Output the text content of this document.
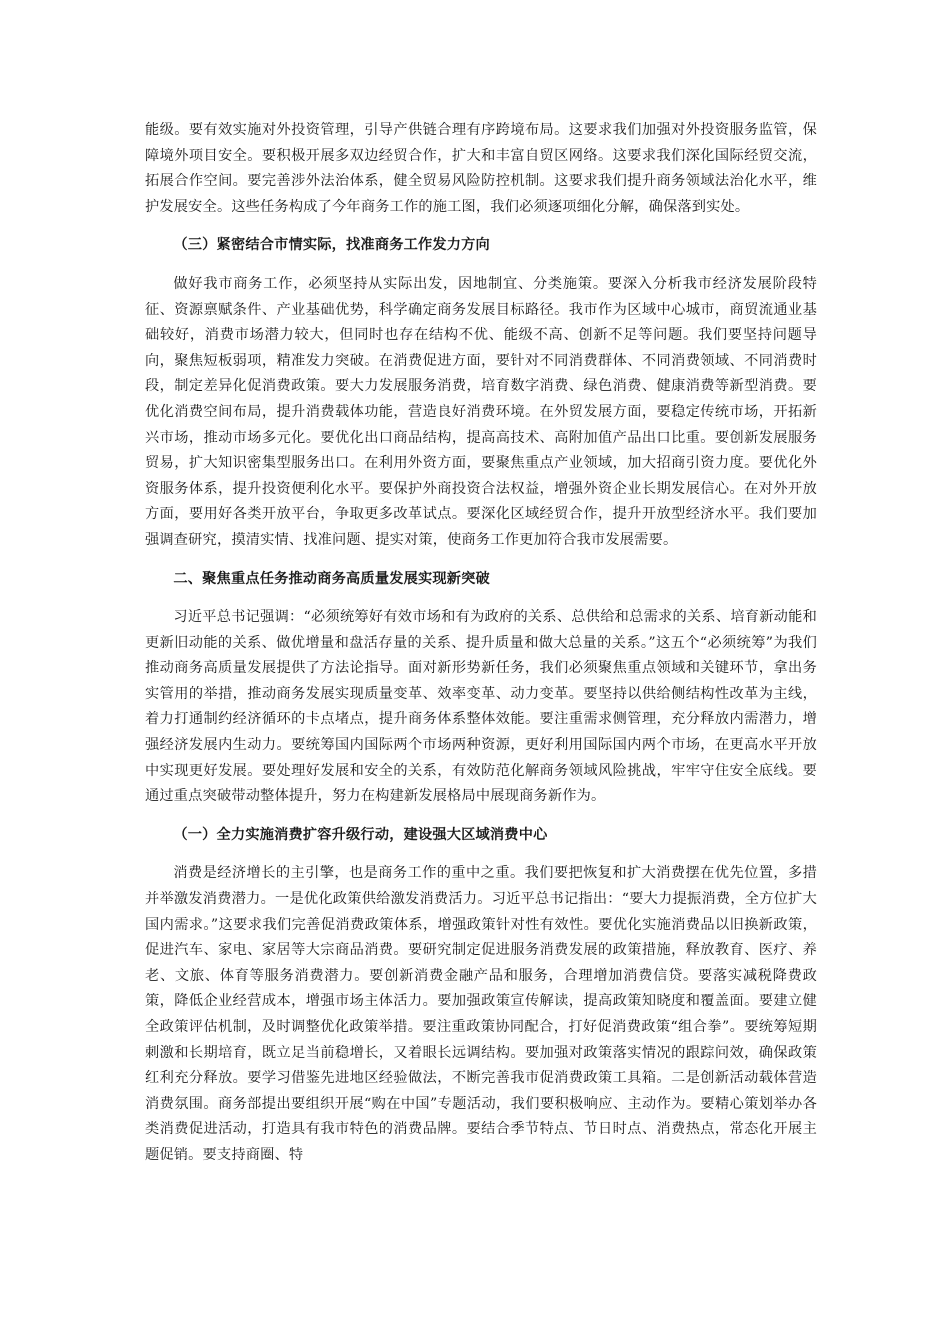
能级。要有效实施对外投资管理，引导产供链合理有序跨境布局。这要求我们加强对外投资服务监管，保障境外项目安全。要积极开展多双边经贸合作，扩大和丰富自贸区网络。这要求我们深化国际经贸交流，拓展合作空间。要完善涉外法治体系，健全贸易风险防控机制。这要求我们提升商务领域法治化水平，维护发展安全。这些任务构成了今年商务工作的施工图，我们必须逐项细化分解，确保落到实处。

（三）紧密结合市情实际，找准商务工作发力方向

做好我市商务工作，必须坚持从实际出发，因地制宜、分类施策。要深入分析我市经济发展阶段特征、资源禀赋条件、产业基础优势，科学确定商务发展目标路径。我市作为区域中心城市，商贸流通业基础较好，消费市场潜力较大，但同时也存在结构不优、能级不高、创新不足等问题。我们要坚持问题导向，聚焦短板弱项，精准发力突破。在消费促进方面，要针对不同消费群体、不同消费领域、不同消费时段，制定差异化促消费政策。要大力发展服务消费，培育数字消费、绿色消费、健康消费等新型消费。要优化消费空间布局，提升消费载体功能，营造良好消费环境。在外贸发展方面，要稳定传统市场，开拓新兴市场，推动市场多元化。要优化出口商品结构，提高高技术、高附加值产品出口比重。要创新发展服务贸易，扩大知识密集型服务出口。在利用外资方面，要聚焦重点产业领域，加大招商引资力度。要优化外资服务体系，提升投资便利化水平。要保护外商投资合法权益，增强外资企业长期发展信心。在对外开放方面，要用好各类开放平台，争取更多改革试点。要深化区域经贸合作，提升开放型经济水平。我们要加强调查研究，摸清实情、找准问题、提实对策，使商务工作更加符合我市发展需要。

二、聚焦重点任务推动商务高质量发展实现新突破

习近平总书记强调：“必须统筹好有效市场和有为政府的关系、总供给和总需求的关系、培育新动能和更新旧动能的关系、做优增量和盘活存量的关系、提升质量和做大总量的关系。”这五个“必须统筹”为我们推动商务高质量发展提供了方法论指导。面对新形势新任务，我们必须聚焦重点领域和关键环节，拿出务实管用的举措，推动商务发展实现质量变革、效率变革、动力变革。要坚持以供给侧结构性改革为主线，着力打通制约经济循环的卡点堵点，提升商务体系整体效能。要注重需求侧管理，充分释放内需潜力，增强经济发展内生动力。要统筹国内国际两个市场两种资源，更好利用国际国内两个市场，在更高水平开放中实现更好发展。要处理好发展和安全的关系，有效防范化解商务领域风险挑战，牢牢守住安全底线。要通过重点突破带动整体提升，努力在构建新发展格局中展现商务新作为。

（一）全力实施消费扩容升级行动，建设强大区域消费中心

消费是经济增长的主引擎，也是商务工作的重中之重。我们要把恢复和扩大消费摆在优先位置，多措并举激发消费潜力。一是优化政策供给激发消费活力。习近平总书记指出：“要大力提振消费，全方位扩大国内需求。”这要求我们完善促消费政策体系，增强政策针对性有效性。要优化实施消费品以旧换新政策，促进汽车、家电、家居等大宗商品消费。要研究制定促进服务消费发展的政策措施，释放教育、医疗、养老、文旅、体育等服务消费潜力。要创新消费金融产品和服务，合理增加消费信贷。要落实减税降费政策，降低企业经营成本，增强市场主体活力。要加强政策宣传解读，提高政策知晓度和覆盖面。要建立健全政策评估机制，及时调整优化政策举措。要注重政策协同配合，打好促消费政策“组合拳”。要统筹短期刺激和长期培育，既立足当前稳增长，又着眼长远调结构。要加强对政策落实情况的跟踪问效，确保政策红利充分释放。要学习借鉴先进地区经验做法，不断完善我市促消费政策工具箱。二是创新活动载体营造消费氛围。商务部提出要组织开展“购在中国”专题活动，我们要积极响应、主动作为。要精心策划举办各类消费促进活动，打造具有我市特色的消费品牌。要结合季节特点、节日时点、消费热点，常态化开展主题促销。要支持商圈、特
